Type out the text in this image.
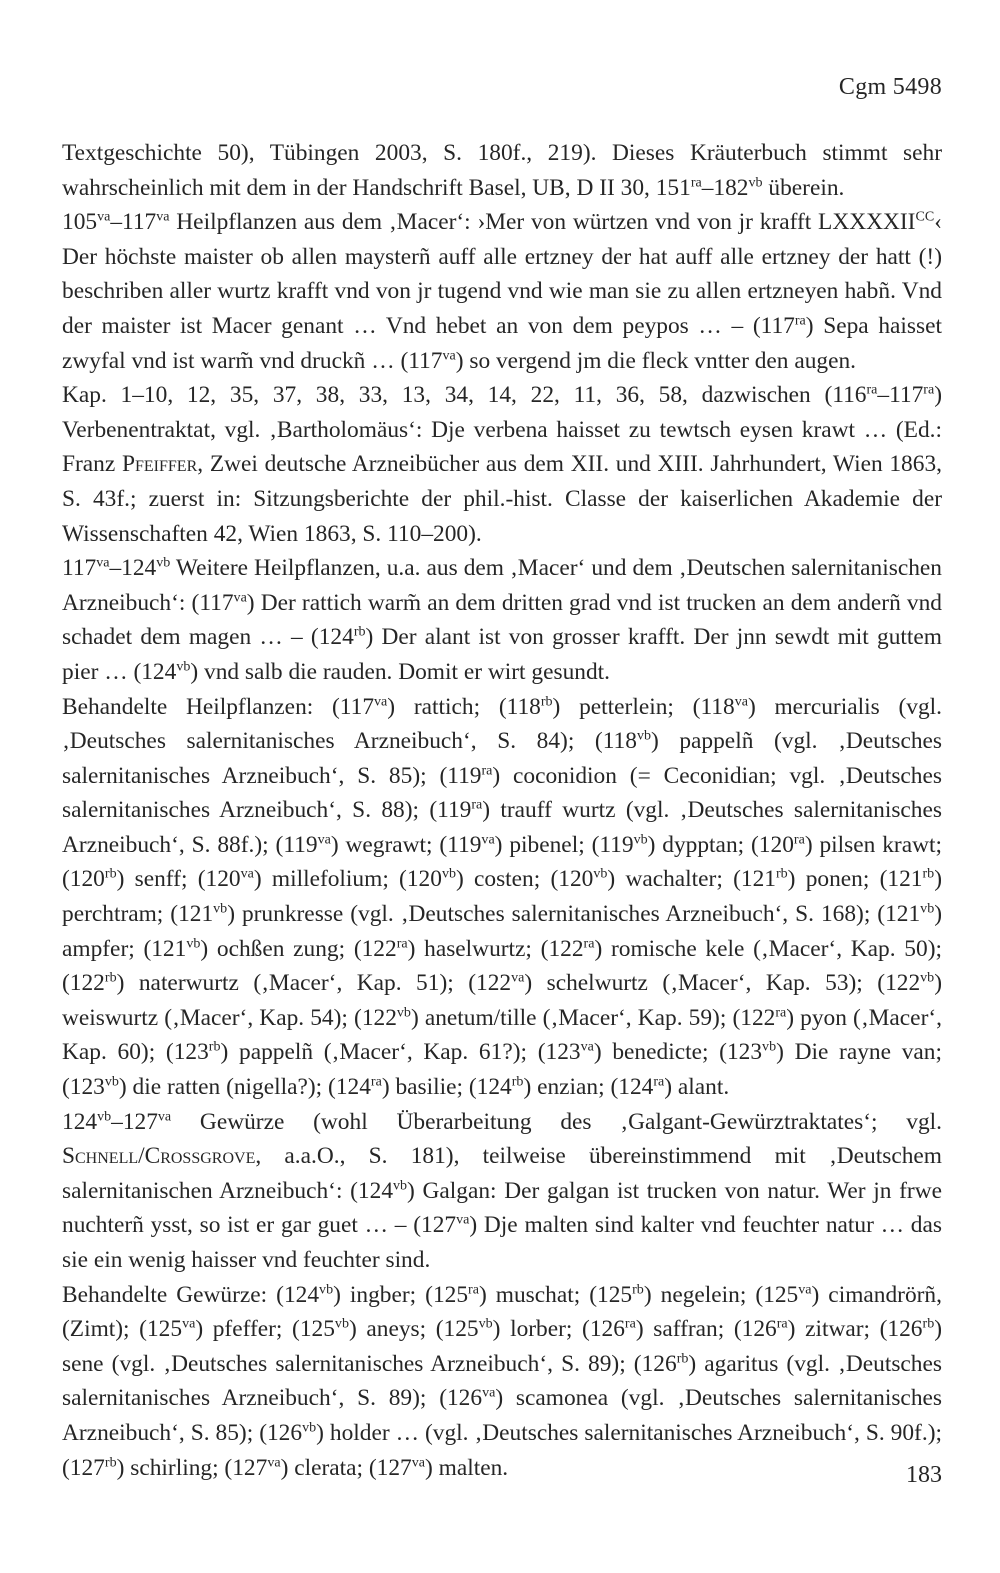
Cgm 5498

Textgeschichte 50), Tübingen 2003, S. 180f., 219). Dieses Kräuterbuch stimmt sehr wahrscheinlich mit dem in der Handschrift Basel, UB, D II 30, $151^{ra}-182^{vb}$ überein.

$105^{va}-117^{va}$ Heilpflanzen aus dem ‚Macer‘: ›Mer von würtzen vnd von jr krafft $LXXXXII^{CC}‹$ Der höchste maister ob allen maysterñ auff alle ertzney der hat auff alle ertzney der hatt (!) beschriben aller wurtz krafft vnd von jr tugend vnd wie man sie zu allen ertzneyen habñ. Vnd der maister ist Macer genant … Vnd hebet an von dem peypos … – $(117^{ra})$ Sepa haisset zwyfal vnd ist warm̃ vnd druckñ … $(117^{va})$ so vergend jm die fleck vntter den augen.

Kap. 1–10, 12, 35, 37, 38, 33, 13, 34, 14, 22, 11, 36, 58, dazwischen $(116^{ra}-117^{ra})$ Verbenentraktat, vgl. ‚Bartholomäus‘: Dje verbena haisset zu tewtsch eysen krawt … (Ed.: Franz Pfeiffer, Zwei deutsche Arzneibücher aus dem XII. und XIII. Jahrhundert, Wien 1863, S. 43f.; zuerst in: Sitzungsberichte der phil.-hist. Classe der kaiserlichen Akademie der Wissenschaften 42, Wien 1863, S. 110–200).

$117^{va}-124^{vb}$ Weitere Heilpflanzen, u.a. aus dem ‚Macer‘ und dem ‚Deutschen salernitanischen Arzneibuch‘: $(117^{va})$ Der rattich warm̃ an dem dritten grad vnd ist trucken an dem anderñ vnd schadet dem magen … – $(124^{rb})$ Der alant ist von grosser krafft. Der jnn sewdt mit guttem pier … $(124^{vb})$ vnd salb die rauden. Domit er wirt gesundt.

Behandelte Heilpflanzen: $(117^{va})$ rattich; $(118^{rb})$ petterlein; $(118^{va})$ mercurialis (vgl. ‚Deutsches salernitanisches Arzneibuch‘, S. 84); $(118^{vb})$ pappelñ (vgl. ‚Deutsches salernitanisches Arzneibuch‘, S. 85); $(119^{ra})$ coconidion (= Ceconidian; vgl. ‚Deutsches salernitanisches Arzneibuch‘, S. 88); $(119^{ra})$ trauff wurtz (vgl. ‚Deutsches salernitanisches Arzneibuch‘, S. 88f.); $(119^{va})$ wegrawt; $(119^{va})$ pibenel; $(119^{vb})$ dypptan; $(120^{ra})$ pilsen krawt; $(120^{rb})$ senff; $(120^{va})$ millefolium; $(120^{vb})$ costen; $(120^{vb})$ wachalter; $(121^{rb})$ ponen; $(121^{rb})$ perchtram; $(121^{vb})$ prunkresse (vgl. ‚Deutsches salernitanisches Arzneibuch‘, S. 168); $(121^{vb})$ ampfer; $(121^{vb})$ ochßen zung; $(122^{ra})$ haselwurtz; $(122^{ra})$ romische kele (‚Macer‘, Kap. 50); $(122^{rb})$ naterwurtz (‚Macer‘, Kap. 51); $(122^{va})$ schelwurtz (‚Macer‘, Kap. 53); $(122^{vb})$ weiswurtz (‚Macer‘, Kap. 54); $(122^{vb})$ anetum/tille (‚Macer‘, Kap. 59); $(122^{ra})$ pyon (‚Macer‘, Kap. 60); $(123^{rb})$ pappelñ (‚Macer‘, Kap. 61?); $(123^{va})$ benedicte; $(123^{vb})$ Die rayne van; $(123^{vb})$ die ratten (nigella?); $(124^{ra})$ basilie; $(124^{rb})$ enzian; $(124^{ra})$ alant.

$124^{vb}-127^{va}$ Gewürze (wohl Überarbeitung des ‚Galgant-Gewürztraktates‘; vgl. Schnell/Crossgrove, a.a.O., S. 181), teilweise übereinstimmend mit ‚Deutschem salernitanischen Arzneibuch‘: $(124^{vb})$ Galgan: Der galgan ist trucken von natur. Wer jn frwe nuchterñ ysst, so ist er gar guet … – $(127^{va})$ Dje malten sind kalter vnd feuchter natur … das sie ein wenig haisser vnd feuchter sind.

Behandelte Gewürze: $(124^{vb})$ ingber; $(125^{ra})$ muschat; $(125^{rb})$ negelein; $(125^{va})$ cimandrörñ, (Zimt); $(125^{va})$ pfeffer; $(125^{vb})$ aneys; $(125^{vb})$ lorber; $(126^{ra})$ saffran; $(126^{ra})$ zitwar; $(126^{rb})$ sene (vgl. ‚Deutsches salernitanisches Arzneibuch‘, S. 89); $(126^{rb})$ agaritus (vgl. ‚Deutsches salernitanisches Arzneibuch‘, S. 89); $(126^{va})$ scamonea (vgl. ‚Deutsches salernitanisches Arzneibuch‘, S. 85); $(126^{vb})$ holder … (vgl. ‚Deutsches salernitanisches Arzneibuch‘, S. 90f.); $(127^{rb})$ schirling; $(127^{va})$ clerata; $(127^{va})$ malten.	183
